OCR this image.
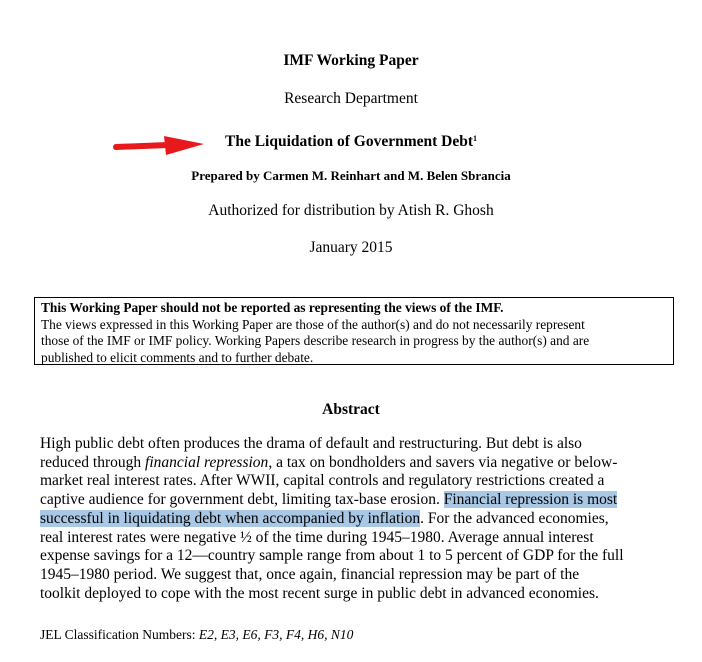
IMF Working Paper
Research Department
The Liquidation of Government Debt$^1$
Prepared by Carmen M. Reinhart and M. Belen Sbrancia
Authorized for distribution by Atish R. Ghosh
January 2015
This Working Paper should not be reported as representing the views of the IMF.
The views expressed in this Working Paper are those of the author(s) and do not necessarily represent
those of the IMF or IMF policy. Working Papers describe research in progress by the author(s) and are
published to elicit comments and to further debate.
Abstract
High public debt often produces the drama of default and restructuring. But debt is also
reduced through financial repression, a tax on bondholders and savers via negative or below-
market real interest rates. After WWII, capital controls and regulatory restrictions created a
captive audience for government debt, limiting tax-base erosion. Financial repression is most
successful in liquidating debt when accompanied by inflation. For the advanced economies,
real interest rates were negative ½ of the time during 1945–1980. Average annual interest
expense savings for a 12—country sample range from about 1 to 5 percent of GDP for the full
1945–1980 period. We suggest that, once again, financial repression may be part of the
toolkit deployed to cope with the most recent surge in public debt in advanced economies.
JEL Classification Numbers: E2, E3, E6, F3, F4, H6, N10
